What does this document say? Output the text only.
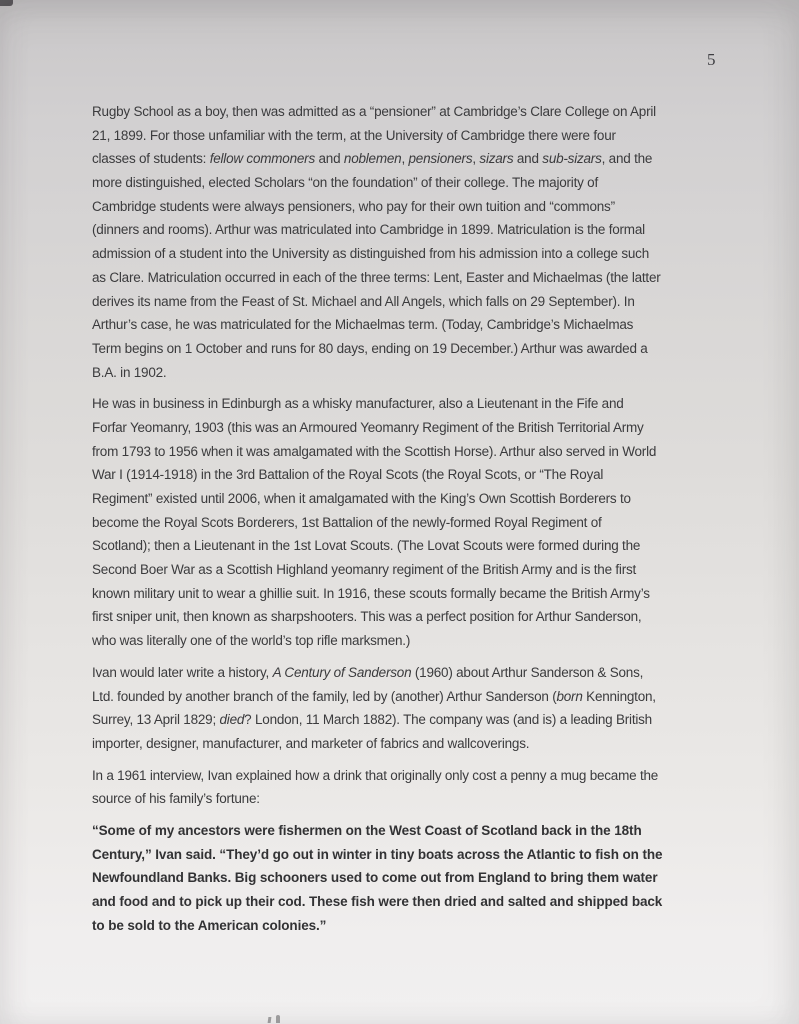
5
Rugby School as a boy, then was admitted as a “pensioner” at Cambridge’s Clare College on April
21, 1899. For those unfamiliar with the term, at the University of Cambridge there were four
classes of students: fellow commoners and noblemen, pensioners, sizars and sub-sizars, and the
more distinguished, elected Scholars “on the foundation” of their college. The majority of
Cambridge students were always pensioners, who pay for their own tuition and “commons”
(dinners and rooms). Arthur was matriculated into Cambridge in 1899. Matriculation is the formal
admission of a student into the University as distinguished from his admission into a college such
as Clare. Matriculation occurred in each of the three terms: Lent, Easter and Michaelmas (the latter
derives its name from the Feast of St. Michael and All Angels, which falls on 29 September). In
Arthur’s case, he was matriculated for the Michaelmas term. (Today, Cambridge’s Michaelmas
Term begins on 1 October and runs for 80 days, ending on 19 December.) Arthur was awarded a
B.A. in 1902.
He was in business in Edinburgh as a whisky manufacturer, also a Lieutenant in the Fife and
Forfar Yeomanry, 1903 (this was an Armoured Yeomanry Regiment of the British Territorial Army
from 1793 to 1956 when it was amalgamated with the Scottish Horse). Arthur also served in World
War I (1914-1918) in the 3rd Battalion of the Royal Scots (the Royal Scots, or “The Royal
Regiment” existed until 2006, when it amalgamated with the King’s Own Scottish Borderers to
become the Royal Scots Borderers, 1st Battalion of the newly-formed Royal Regiment of
Scotland); then a Lieutenant in the 1st Lovat Scouts. (The Lovat Scouts were formed during the
Second Boer War as a Scottish Highland yeomanry regiment of the British Army and is the first
known military unit to wear a ghillie suit. In 1916, these scouts formally became the British Army’s
first sniper unit, then known as sharpshooters. This was a perfect position for Arthur Sanderson,
who was literally one of the world’s top rifle marksmen.)
Ivan would later write a history, A Century of Sanderson (1960) about Arthur Sanderson & Sons,
Ltd. founded by another branch of the family, led by (another) Arthur Sanderson (born Kennington,
Surrey, 13 April 1829; died? London, 11 March 1882). The company was (and is) a leading British
importer, designer, manufacturer, and marketer of fabrics and wallcoverings.
In a 1961 interview, Ivan explained how a drink that originally only cost a penny a mug became the
source of his family’s fortune:
“Some of my ancestors were fishermen on the West Coast of Scotland back in the 18th
Century,” Ivan said. “They’d go out in winter in tiny boats across the Atlantic to fish on the
Newfoundland Banks. Big schooners used to come out from England to bring them water
and food and to pick up their cod. These fish were then dried and salted and shipped back
to be sold to the American colonies.”
